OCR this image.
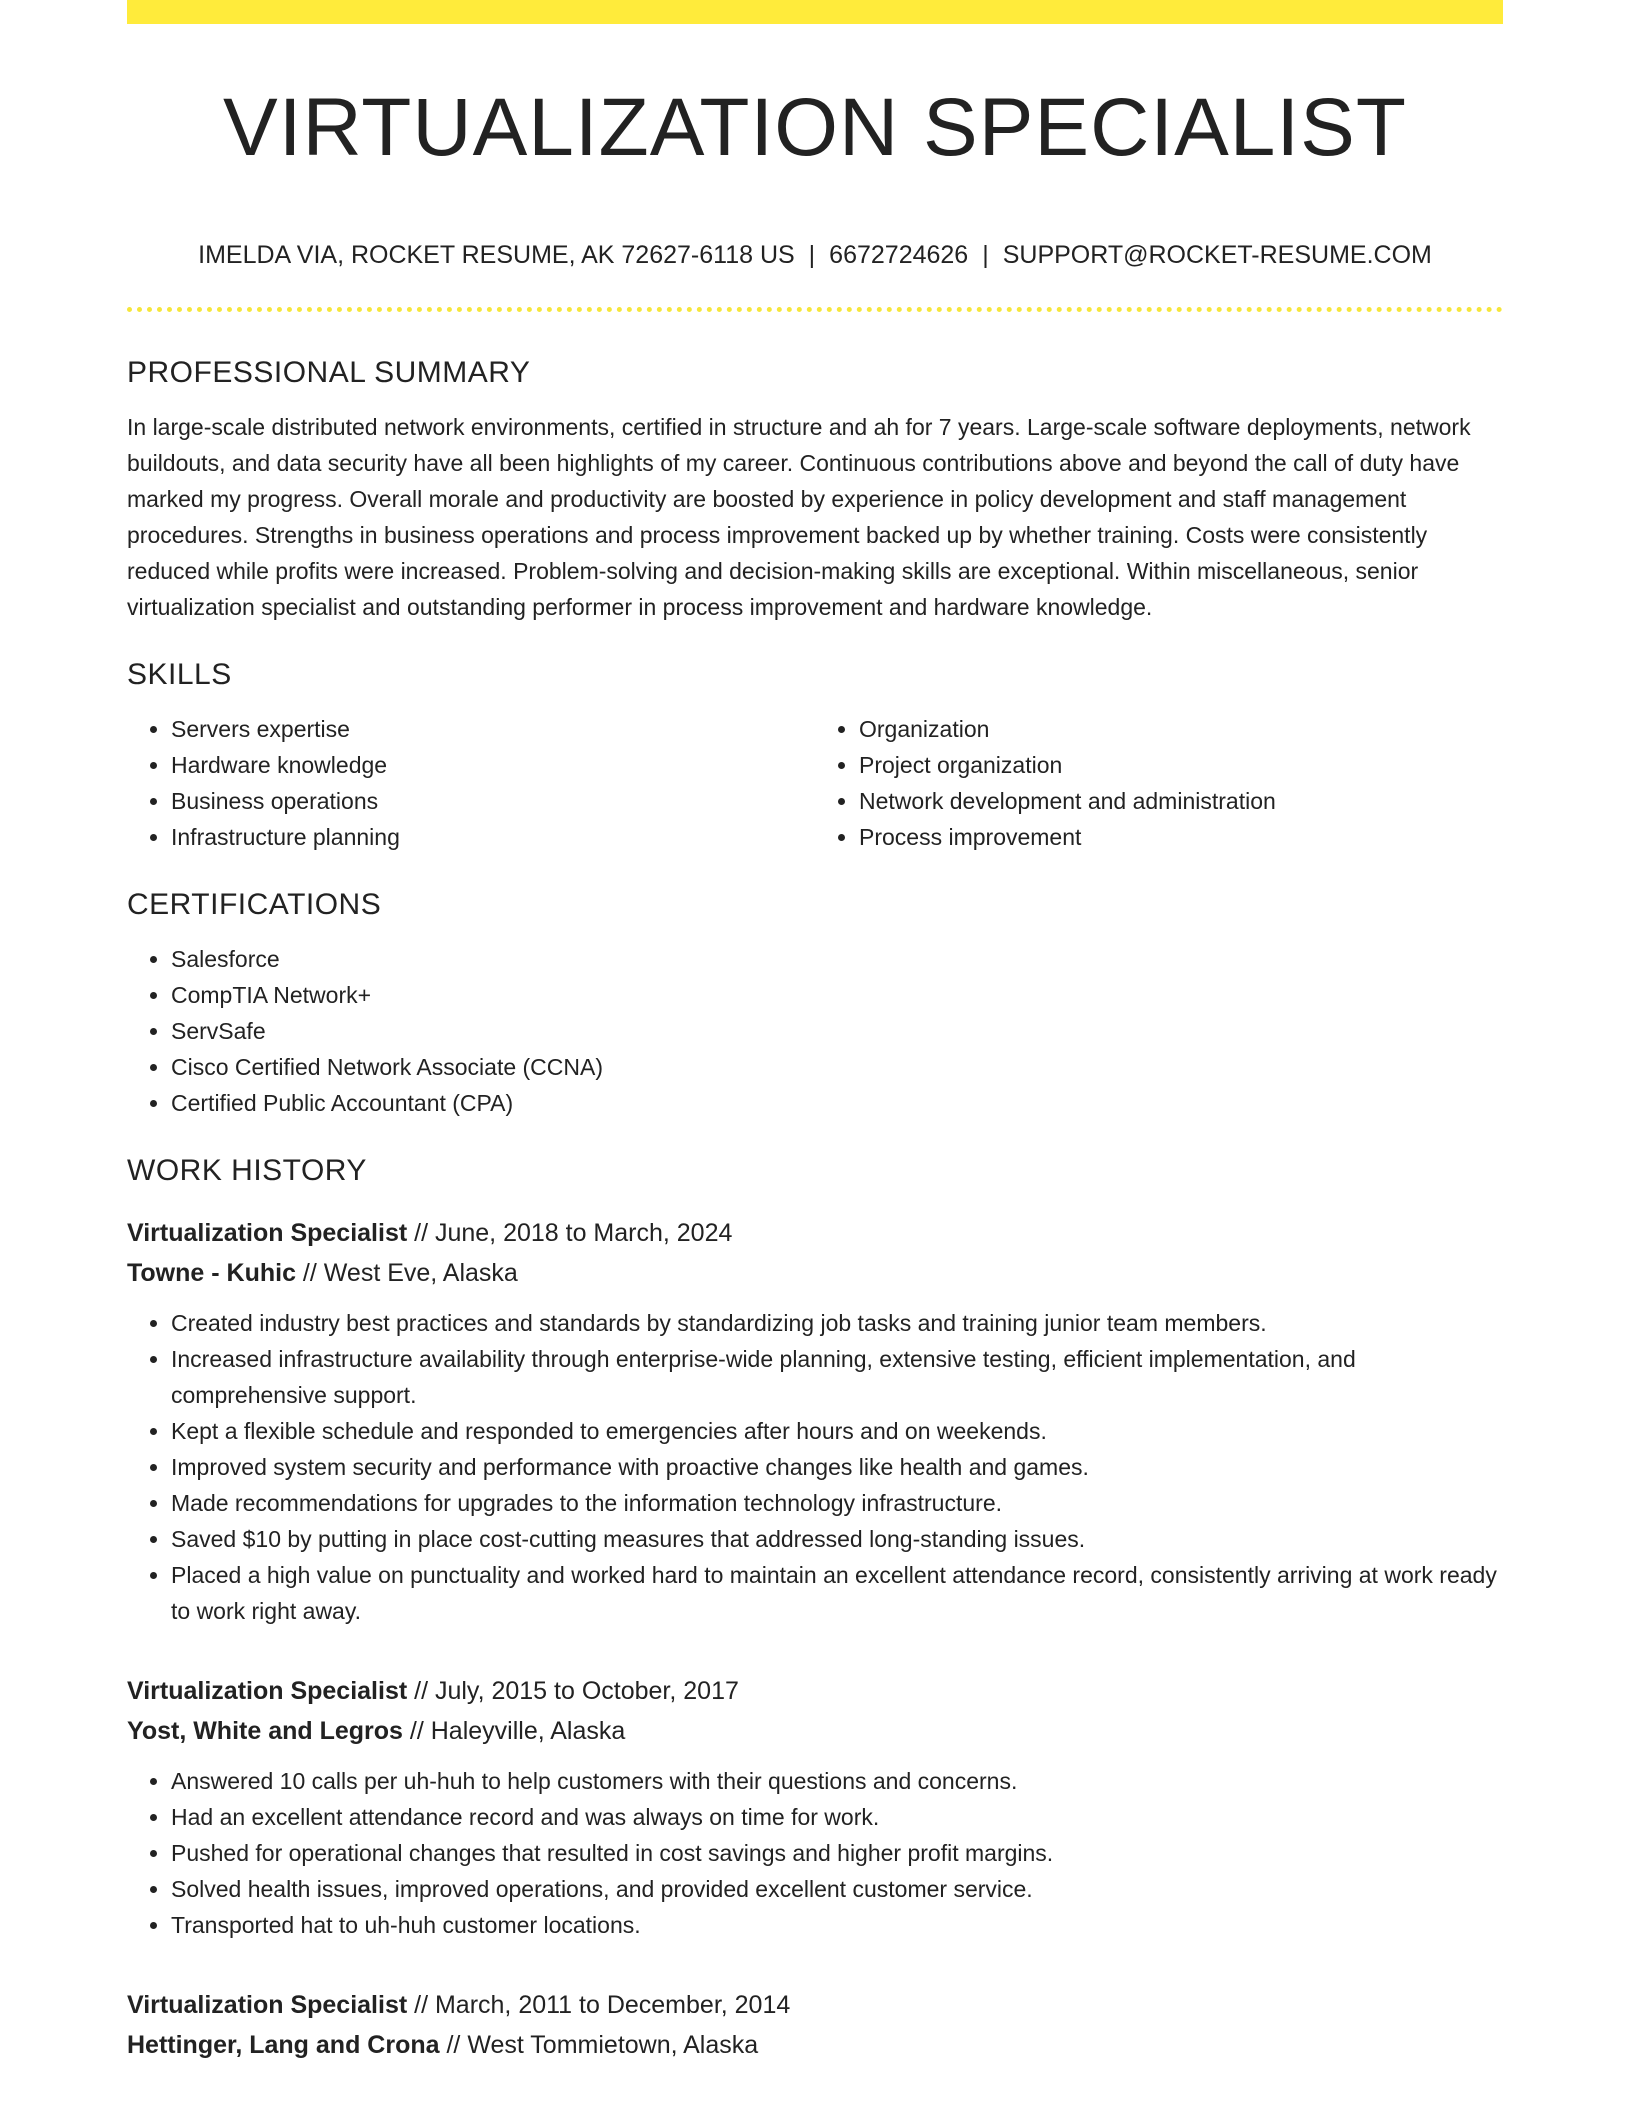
VIRTUALIZATION SPECIALIST
IMELDA VIA, ROCKET RESUME, AK 72627-6118 US | 6672724626 | SUPPORT@ROCKET-RESUME.COM
PROFESSIONAL SUMMARY

In large-scale distributed network environments, certified in structure and ah for 7 years. Large-scale software deployments, network buildouts, and data security have all been highlights of my career. Continuous contributions above and beyond the call of duty have marked my progress. Overall morale and productivity are boosted by experience in policy development and staff management procedures. Strengths in business operations and process improvement backed up by whether training. Costs were consistently reduced while profits were increased. Problem-solving and decision-making skills are exceptional. Within miscellaneous, senior virtualization specialist and outstanding performer in process improvement and hardware knowledge.

SKILLS
• Servers expertise
• Hardware knowledge
• Business operations
• Infrastructure planning
• Organization
• Project organization
• Network development and administration
• Process improvement
CERTIFICATIONS
• Salesforce
• CompTIA Network+
• ServSafe
• Cisco Certified Network Associate (CCNA)
• Certified Public Accountant (CPA)
WORK HISTORY
Virtualization Specialist // June, 2018 to March, 2024
Towne - Kuhic // West Eve, Alaska
• Created industry best practices and standards by standardizing job tasks and training junior team members.
• Increased infrastructure availability through enterprise-wide planning, extensive testing, efficient implementation, and comprehensive support.
• Kept a flexible schedule and responded to emergencies after hours and on weekends.
• Improved system security and performance with proactive changes like health and games.
• Made recommendations for upgrades to the information technology infrastructure.
• Saved $10 by putting in place cost-cutting measures that addressed long-standing issues.
• Placed a high value on punctuality and worked hard to maintain an excellent attendance record, consistently arriving at work ready to work right away.
Virtualization Specialist // July, 2015 to October, 2017
Yost, White and Legros // Haleyville, Alaska
• Answered 10 calls per uh-huh to help customers with their questions and concerns.
• Had an excellent attendance record and was always on time for work.
• Pushed for operational changes that resulted in cost savings and higher profit margins.
• Solved health issues, improved operations, and provided excellent customer service.
• Transported hat to uh-huh customer locations.
Virtualization Specialist // March, 2011 to December, 2014
Hettinger, Lang and Crona // West Tommietown, Alaska
